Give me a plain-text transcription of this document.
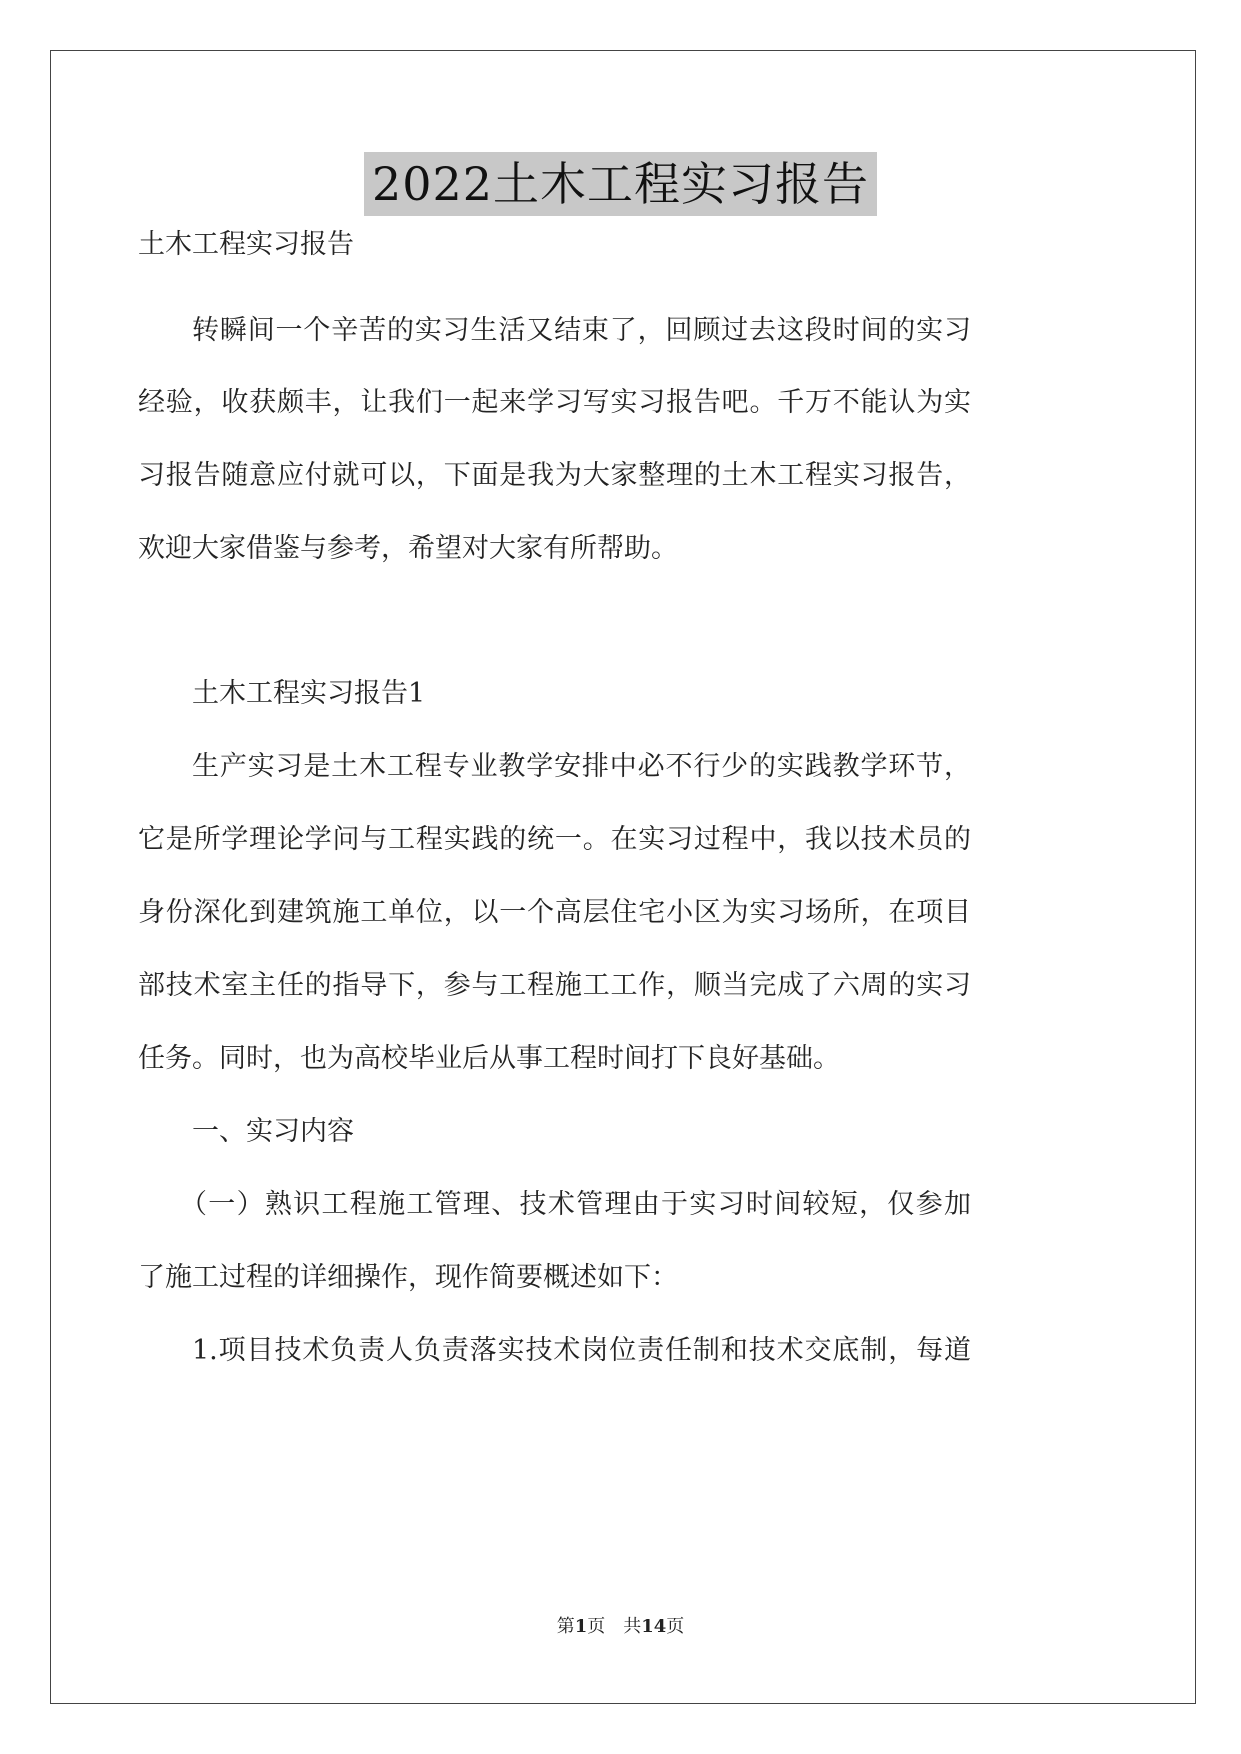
2022土木工程实习报告
土木工程实习报告
转瞬间一个辛苦的实习生活又结束了，回顾过去这段时间的实习
经验，收获颇丰，让我们一起来学习写实习报告吧。千万不能认为实
习报告随意应付就可以，下面是我为大家整理的土木工程实习报告，
欢迎大家借鉴与参考，希望对大家有所帮助。
土木工程实习报告1
生产实习是土木工程专业教学安排中必不行少的实践教学环节，
它是所学理论学问与工程实践的统一。在实习过程中，我以技术员的
身份深化到建筑施工单位，以一个高层住宅小区为实习场所，在项目
部技术室主任的指导下，参与工程施工工作，顺当完成了六周的实习
任务。同时，也为高校毕业后从事工程时间打下良好基础。
一、实习内容
（一）熟识工程施工管理、技术管理由于实习时间较短，仅参加
了施工过程的详细操作，现作简要概述如下：
1.项目技术负责人负责落实技术岗位责任制和技术交底制，每道
第1页　共14页
